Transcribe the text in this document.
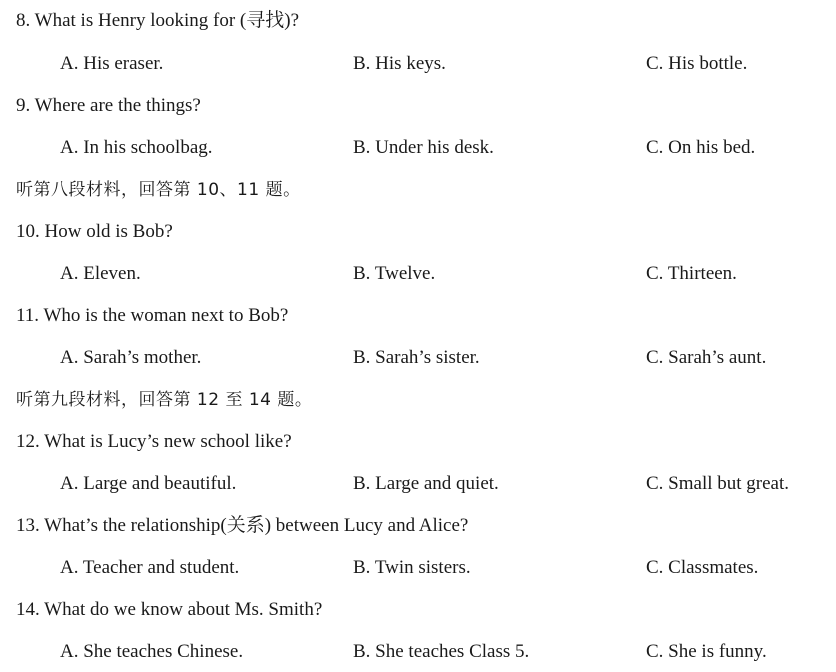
8. What is Henry looking for (寻找)?
A. His eraser.	B. His keys.	C. His bottle.
9. Where are the things?
A. In his schoolbag.	B. Under his desk.	C. On his bed.
听第八段材料，回答第 10、11 题。
10. How old is Bob?
A. Eleven.	B. Twelve.	C. Thirteen.
11. Who is the woman next to Bob?
A. Sarah’s mother.	B. Sarah’s sister.	C. Sarah’s aunt.
听第九段材料，回答第 12 至 14 题。
12. What is Lucy’s new school like?
A. Large and beautiful.	B. Large and quiet.	C. Small but great.
13. What’s the relationship(关系) between Lucy and Alice?
A. Teacher and student.	B. Twin sisters.	C. Classmates.
14. What do we know about Ms. Smith?
A. She teaches Chinese.	B. She teaches Class 5.	C. She is funny.
